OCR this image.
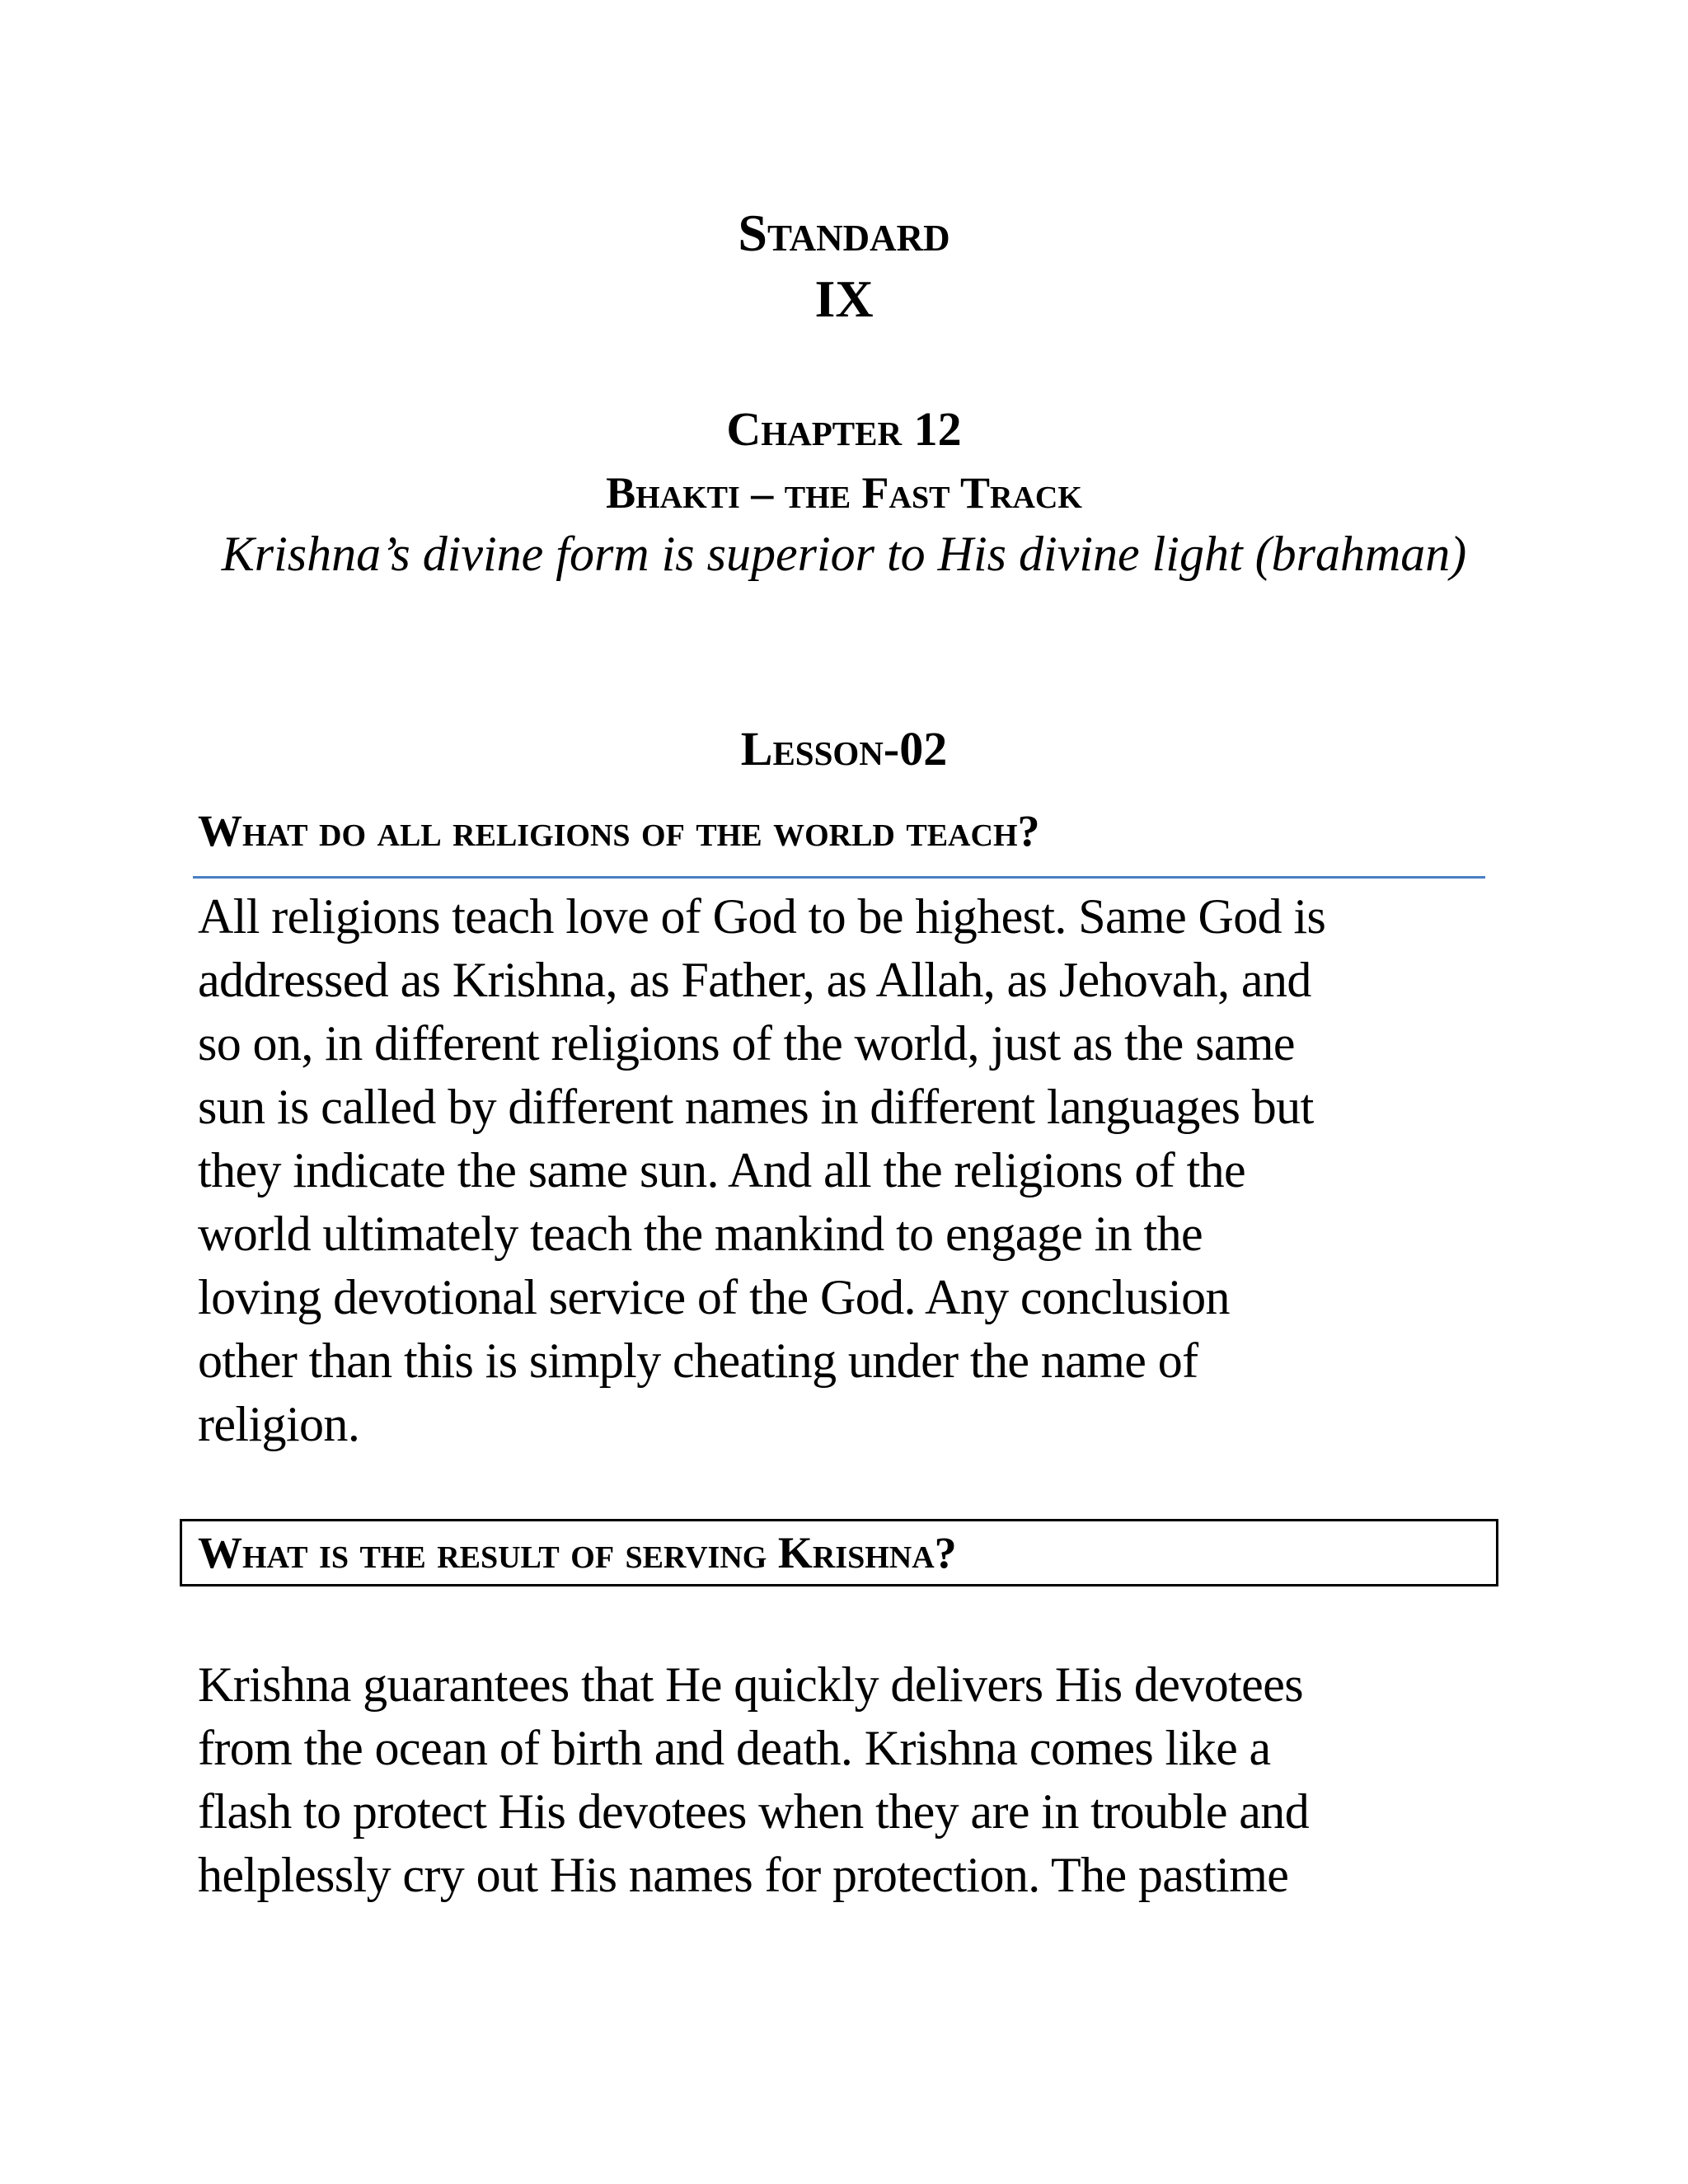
Standard
IX
Chapter 12
Bhakti – the Fast Track
Krishna’s divine form is superior to His divine light (brahman)
Lesson-02
What do all religions of the world teach?
All religions teach love of God to be highest. Same God is
addressed as Krishna, as Father, as Allah, as Jehovah, and
so on, in different religions of the world, just as the same
sun is called by different names in different languages but
they indicate the same sun. And all the religions of the
world ultimately teach the mankind to engage in the
loving devotional service of the God. Any conclusion
other than this is simply cheating under the name of
religion.
What is the result of serving Krishna?
Krishna guarantees that He quickly delivers His devotees
from the ocean of birth and death. Krishna comes like a
flash to protect His devotees when they are in trouble and
helplessly cry out His names for protection. The pastime
